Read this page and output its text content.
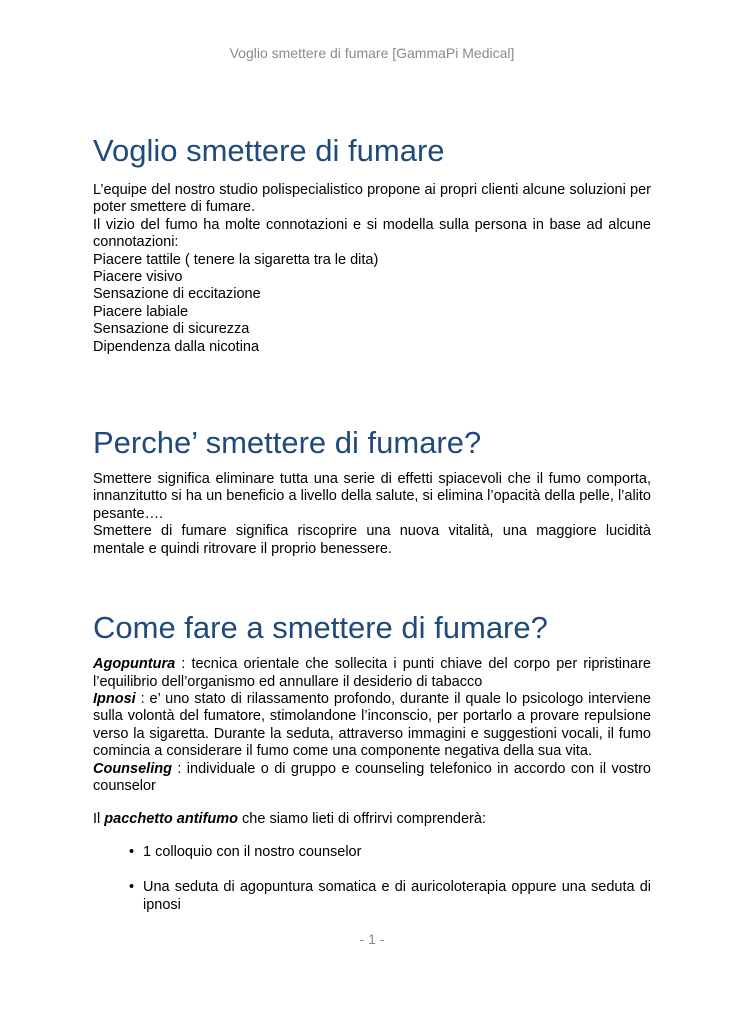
Voglio smettere di fumare [GammaPi Medical]
Voglio smettere di fumare

L’equipe del nostro studio polispecialistico propone ai propri clienti alcune soluzioni per poter smettere di fumare.

Il vizio del fumo ha molte connotazioni e si modella sulla persona in base ad alcune connotazioni:

Piacere tattile ( tenere la sigaretta tra le dita)
Piacere visivo
Sensazione di eccitazione
Piacere labiale
Sensazione di sicurezza
Dipendenza dalla nicotina
Perche’ smettere di fumare?

Smettere significa eliminare tutta una serie di effetti spiacevoli che il fumo comporta, innanzitutto si ha un beneficio a livello della salute, si elimina l’opacità della pelle, l’alito pesante….

Smettere di fumare significa riscoprire una nuova vitalità, una maggiore lucidità mentale e quindi ritrovare il proprio benessere.

Come fare a smettere di fumare?

Agopuntura : tecnica orientale che sollecita i punti chiave del corpo per ripristinare l’equilibrio dell’organismo ed annullare il desiderio di tabacco

Ipnosi : e’ uno stato di rilassamento profondo, durante il quale lo psicologo interviene sulla volontà del fumatore, stimolandone l’inconscio, per portarlo a provare repulsione verso la sigaretta. Durante la seduta, attraverso immagini e suggestioni vocali, il fumo comincia a considerare il fumo come una componente negativa della sua vita.

Counseling : individuale o di gruppo e counseling telefonico in accordo con il vostro counselor

Il pacchetto antifumo che siamo lieti di offrirvi comprenderà:

• 1 colloquio con il nostro counselor
• Una seduta di agopuntura somatica e di auricoloterapia oppure una seduta di ipnosi
- 1 -
